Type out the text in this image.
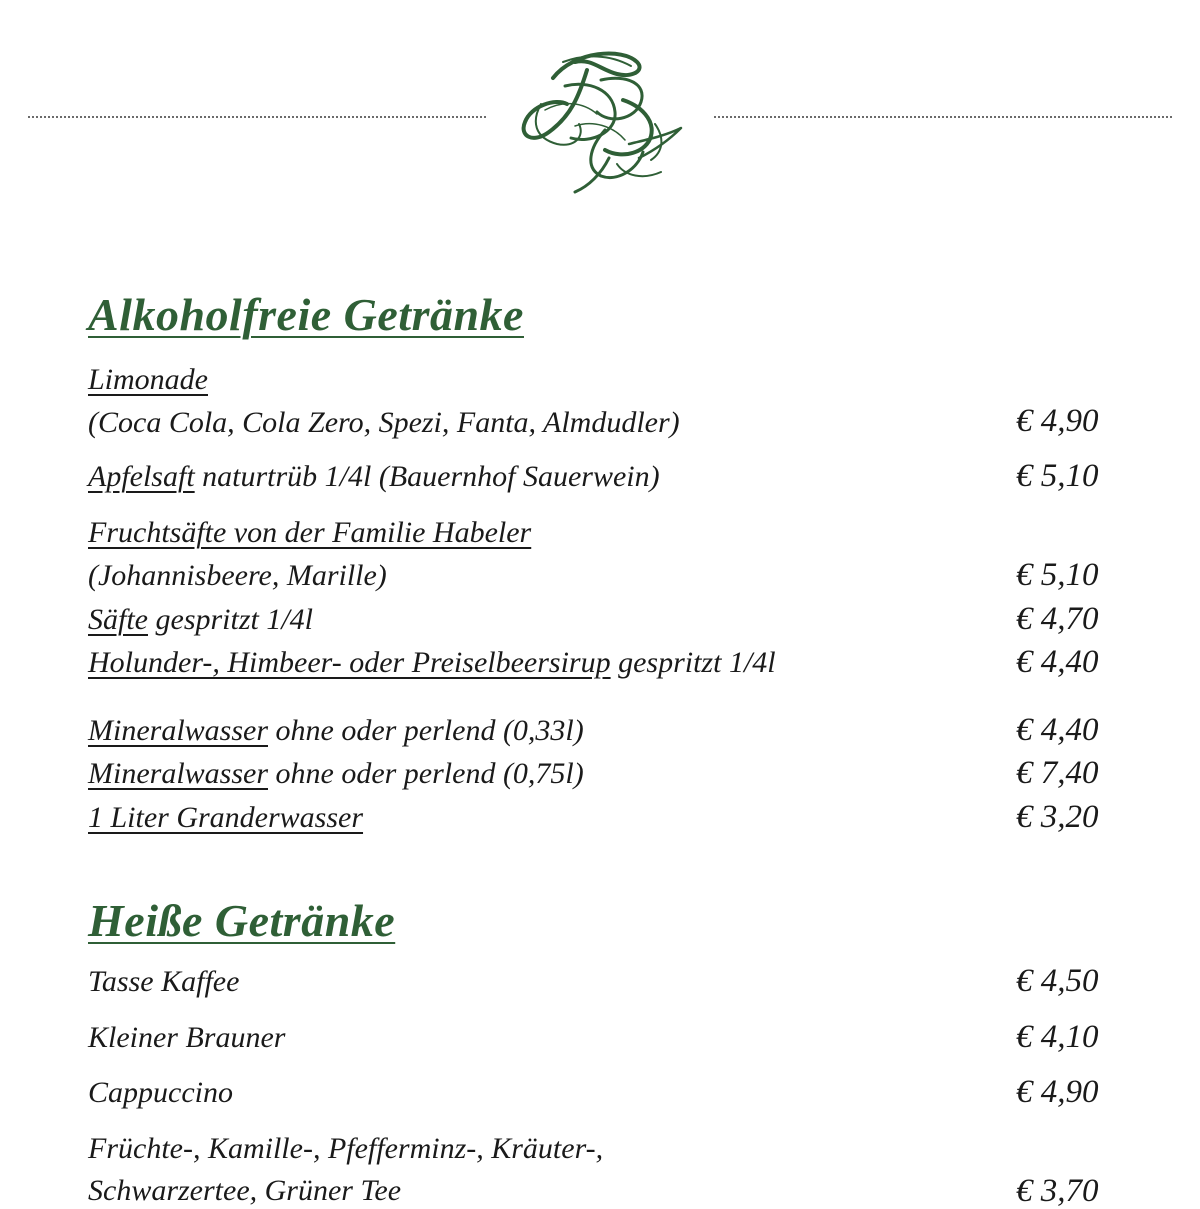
Alkoholfreie Getränke
Limonade
(Coca Cola, Cola Zero, Spezi, Fanta, Almdudler)	€ 4,90
Apfelsaft naturtrüb 1/4l (Bauernhof Sauerwein)	€ 5,10
Fruchtsäfte von der Familie Habeler
(Johannisbeere, Marille)	€ 5,10
Säfte gespritzt 1/4l	€ 4,70
Holunder-, Himbeer- oder Preiselbeersirup gespritzt 1/4l	€ 4,40
Mineralwasser ohne oder perlend (0,33l)	€ 4,40
Mineralwasser ohne oder perlend (0,75l)	€ 7,40
1 Liter Granderwasser	€ 3,20
Heiße Getränke
Tasse Kaffee	€ 4,50
Kleiner Brauner	€ 4,10
Cappuccino	€ 4,90
Früchte-, Kamille-, Pfefferminz-, Kräuter-,
Schwarzertee, Grüner Tee	€ 3,70
